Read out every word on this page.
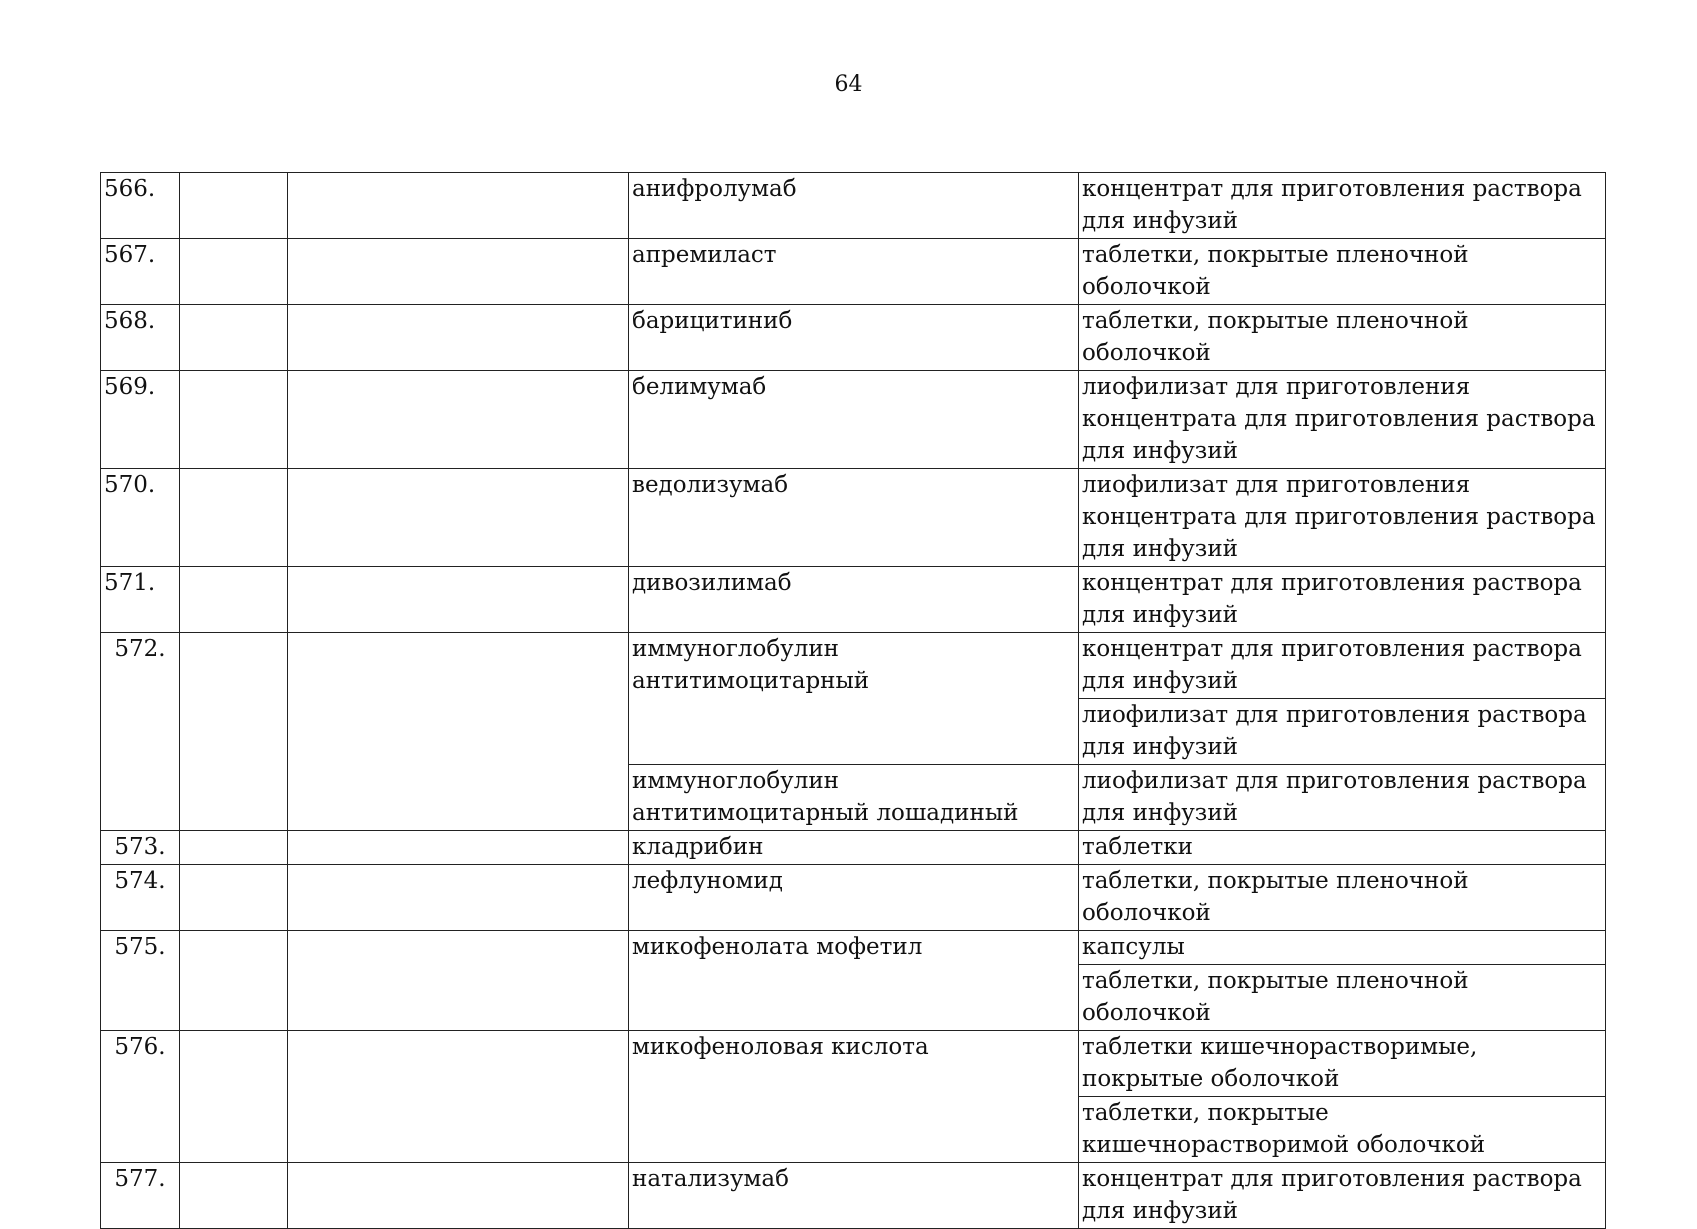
64
566.			анифролумаб	концентрат для приготовления раствора для инфузий
567.			апремиласт	таблетки, покрытые пленочной оболочкой
568.			барицитиниб	таблетки, покрытые пленочной оболочкой
569.			белимумаб	лиофилизат для приготовления концентрата для приготовления раствора для инфузий
570.			ведолизумаб	лиофилизат для приготовления концентрата для приготовления раствора для инфузий
571.			дивозилимаб	концентрат для приготовления раствора для инфузий
572.			иммуноглобулин антитимоцитарный	концентрат для приготовления раствора для инфузий
				лиофилизат для приготовления раствора для инфузий
			иммуноглобулин антитимоцитарный лошадиный	лиофилизат для приготовления раствора для инфузий
573.			кладрибин	таблетки
574.			лефлуномид	таблетки, покрытые пленочной оболочкой
575.			микофенолата мофетил	капсулы
				таблетки, покрытые пленочной оболочкой
576.			микофеноловая кислота	таблетки кишечнорастворимые, покрытые оболочкой
				таблетки, покрытые кишечнорастворимой оболочкой
577.			натализумаб	концентрат для приготовления раствора для инфузий
